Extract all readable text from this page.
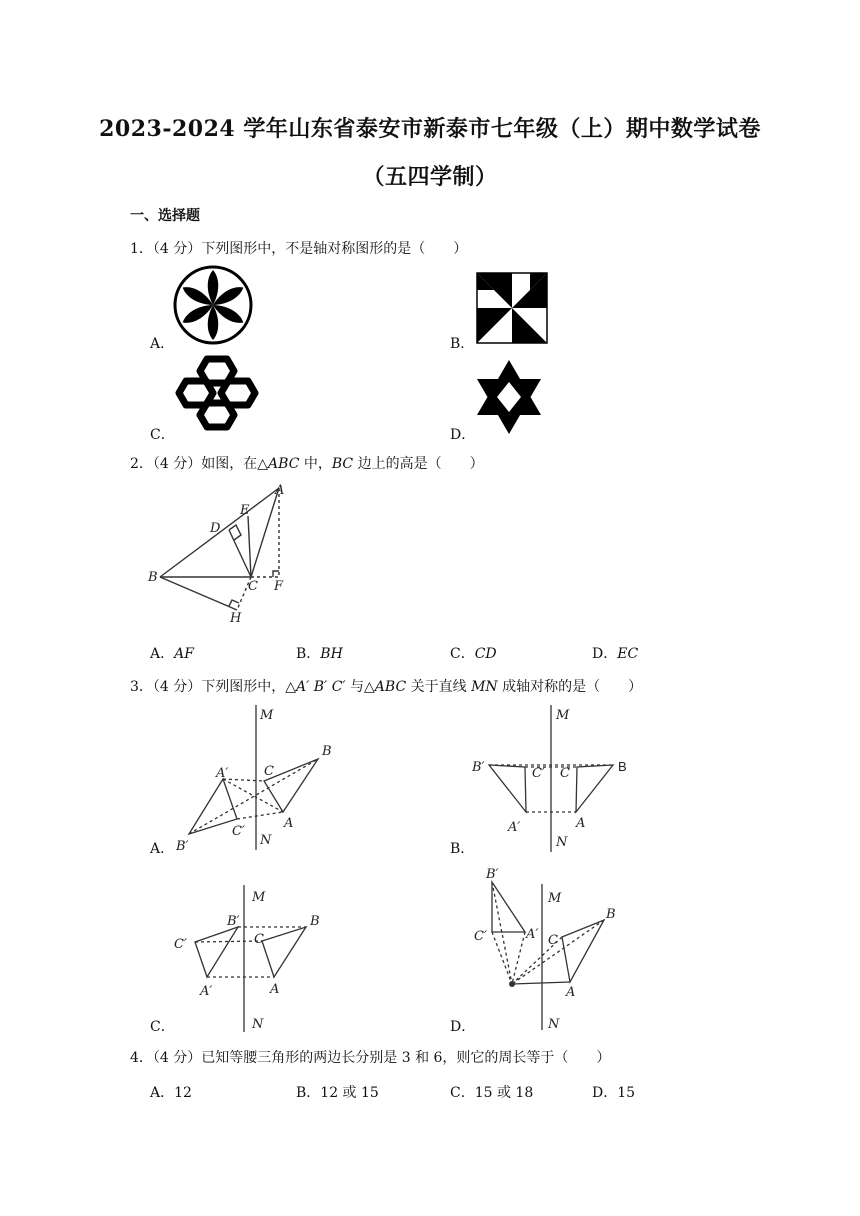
2023-2024 学年山东省泰安市新泰市七年级（上）期中数学试卷
（五四学制）
一、选择题
1．（4 分）下列图形中，不是轴对称图形的是（　　）
A．	B．
C．	D．
2．（4 分）如图，在△ABC 中，BC 边上的高是（　　）
A
B
C
D
E
F
H
A．AF	B．BH	C．CD	D．EC
3．（4 分）下列图形中，△A′ B′ C′ 与△ABC 关于直线 MN 成轴对称的是（　　）
A．
M
N
B
C
A
A′
C′
B′	B．
M
N
B
C
A
B′	C′
A′
C．
M
N
B
C
A
B′
C′
A′
D．
M
N
B
C
A
B′
C′	A′
4．（4 分）已知等腰三角形的两边长分别是 3 和 6，则它的周长等于（　　）
A．12	B．12 或 15	C．15 或 18	D．15
